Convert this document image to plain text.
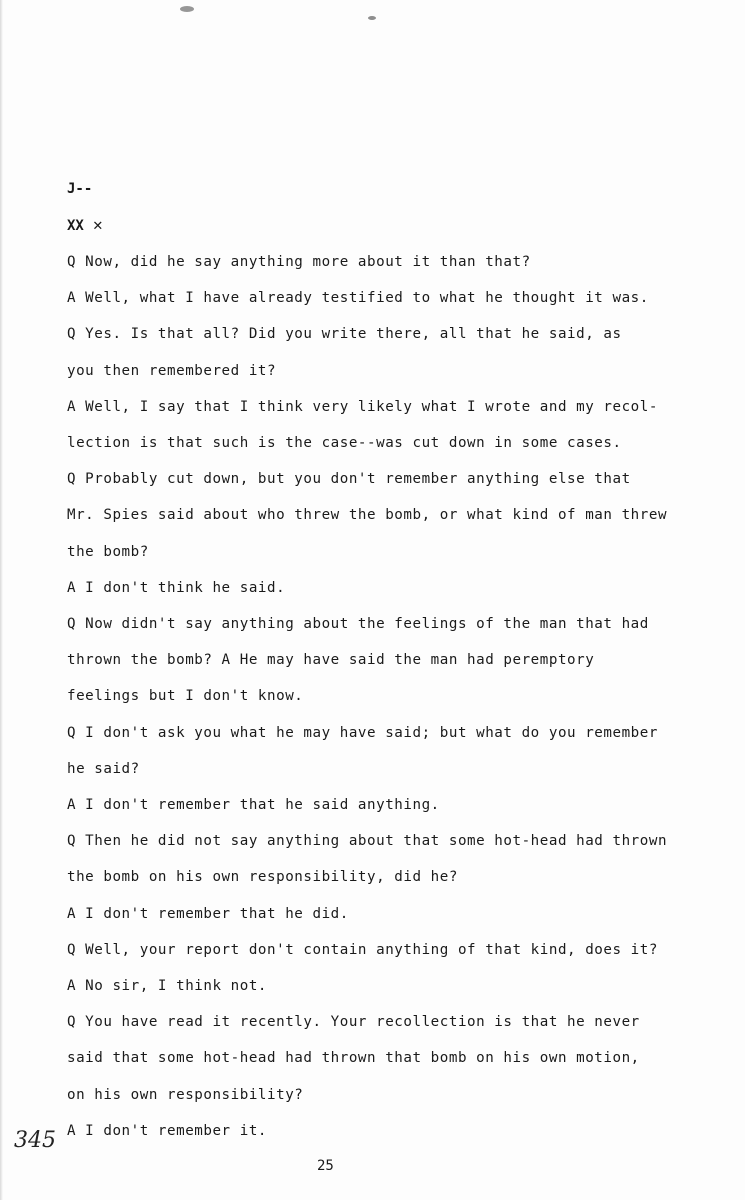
J--
XX ✕
Q Now, did he say anything more about it than that?
A Well, what I have already testified to what he thought it was.
Q Yes. Is that all? Did you write there, all that he said, as
you then remembered it?
A Well, I say that I think very likely what I wrote and my recol-
lection is that such is the case--was cut down in some cases.
Q Probably cut down, but you don't remember anything else that
Mr. Spies said about who threw the bomb, or what kind of man threw
the bomb?
A I don't think he said.
Q Now didn't say anything about the feelings of the man that had
thrown the bomb? A He may have said the man had peremptory
feelings but I don't know.
Q I don't ask you what he may have said; but what do you remember
he said?
A I don't remember that he said anything.
Q Then he did not say anything about that some hot-head had thrown
the bomb on his own responsibility, did he?
A I don't remember that he did.
Q Well, your report don't contain anything of that kind, does it?
A No sir, I think not.
Q You have read it recently. Your recollection is that he never
said that some hot-head had thrown that bomb on his own motion,
on his own responsibility?
A I don't remember it.
345
25
